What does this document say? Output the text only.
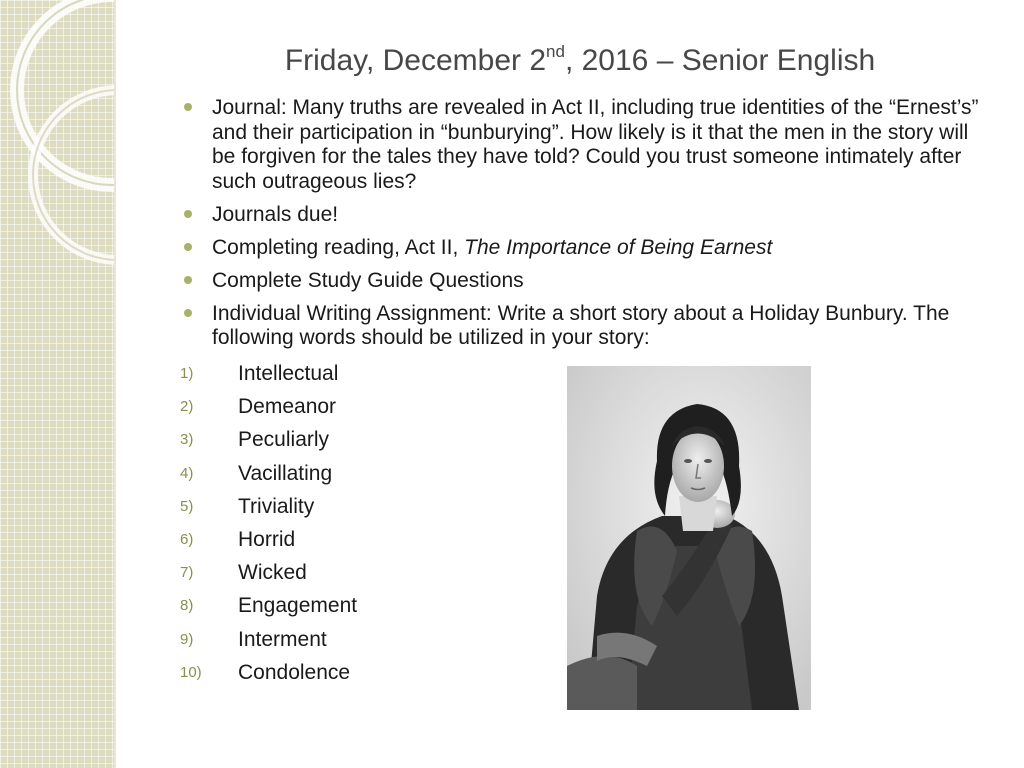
Friday, December 2nd, 2016 – Senior English
Journal: Many truths are revealed in Act II, including true identities of the “Ernest’s” and their participation in “bunburying”. How likely is it that the men in the story will be forgiven for the tales they have told? Could you trust someone intimately after such outrageous lies?
Journals due!
Completing reading, Act II, The Importance of Being Earnest
Complete Study Guide Questions
Individual Writing Assignment: Write a short story about a Holiday Bunbury. The following words should be utilized in your story:
1)	Intellectual
2)	Demeanor
3)	Peculiarly
4)	Vacillating
5)	Triviality
6)	Horrid
7)	Wicked
8)	Engagement
9)	Interment
10)	Condolence
